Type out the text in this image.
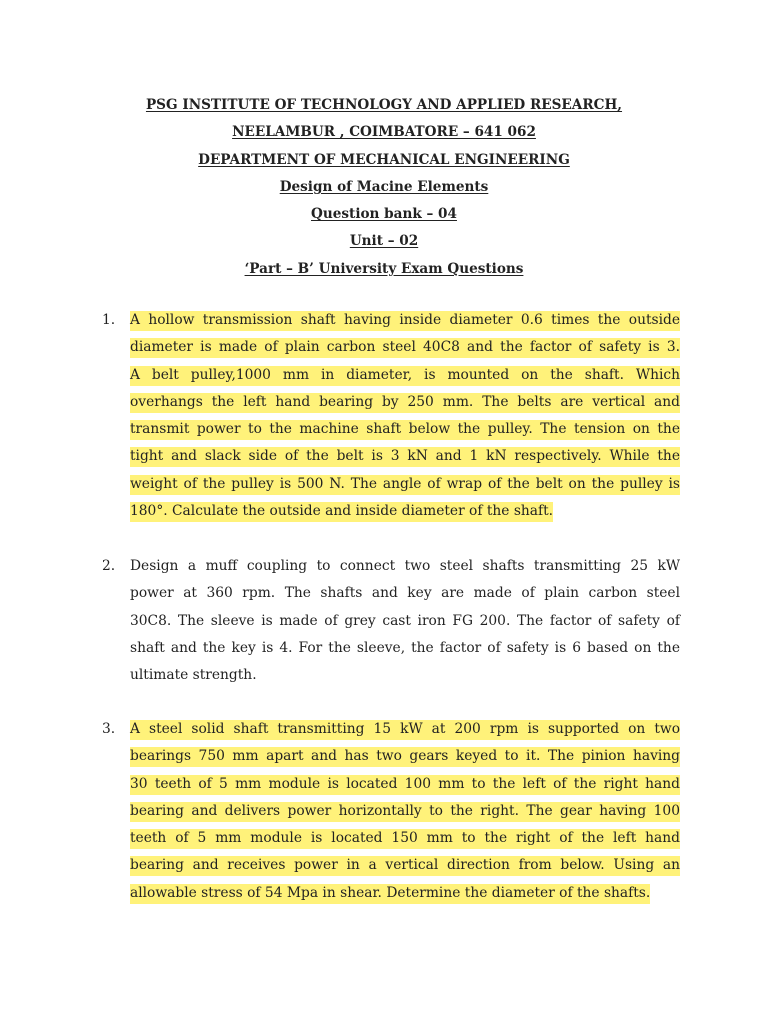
PSG INSTITUTE OF TECHNOLOGY AND APPLIED RESEARCH,
NEELAMBUR , COIMBATORE – 641 062
DEPARTMENT OF MECHANICAL ENGINEERING
Design of Macine Elements
Question bank – 04
Unit – 02
‘Part – B’ University Exam Questions
1.	A hollow transmission shaft having inside diameter 0.6 times the outside
diameter is made of plain carbon steel 40C8 and the factor of safety is 3.
A belt pulley,1000 mm in diameter, is mounted on the shaft. Which
overhangs the left hand bearing by 250 mm. The belts are vertical and
transmit power to the machine shaft below the pulley. The tension on the
tight and slack side of the belt is 3 kN and 1 kN respectively. While the
weight of the pulley is 500 N. The angle of wrap of the belt on the pulley is
180°. Calculate the outside and inside diameter of the shaft.
2.	Design a muff coupling to connect two steel shafts transmitting 25 kW
power at 360 rpm. The shafts and key are made of plain carbon steel
30C8. The sleeve is made of grey cast iron FG 200. The factor of safety of
shaft and the key is 4. For the sleeve, the factor of safety is 6 based on the
ultimate strength.
3.	A steel solid shaft transmitting 15 kW at 200 rpm is supported on two
bearings 750 mm apart and has two gears keyed to it. The pinion having
30 teeth of 5 mm module is located 100 mm to the left of the right hand
bearing and delivers power horizontally to the right. The gear having 100
teeth of 5 mm module is located 150 mm to the right of the left hand
bearing and receives power in a vertical direction from below. Using an
allowable stress of 54 Mpa in shear. Determine the diameter of the shafts.
